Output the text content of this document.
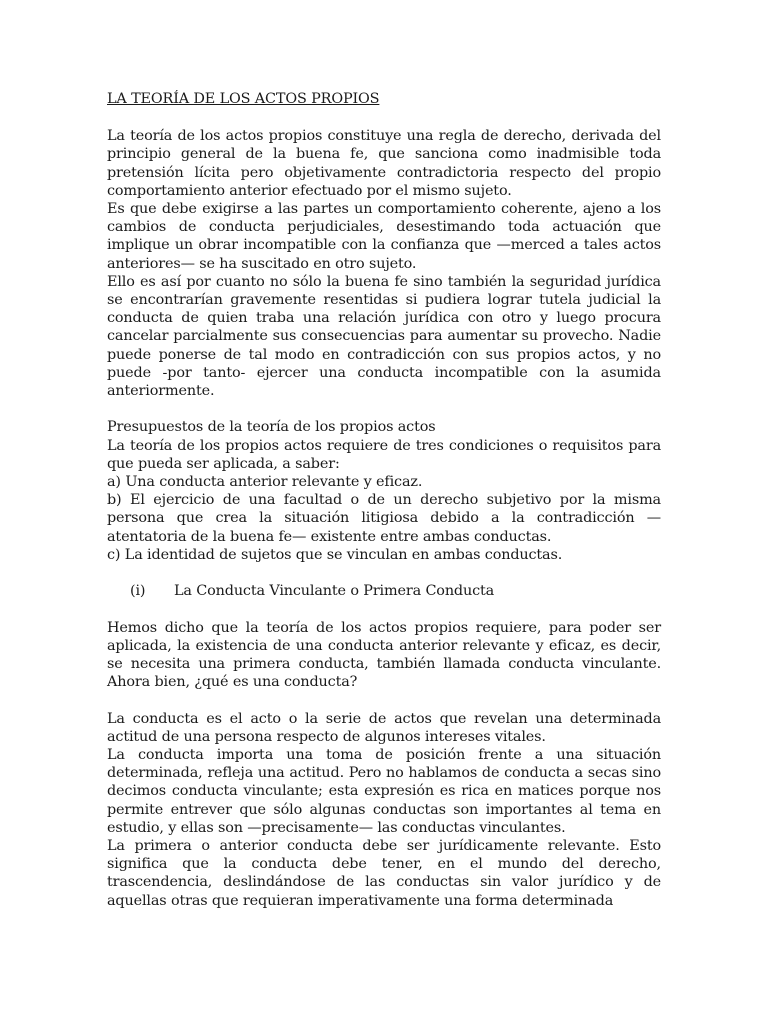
LA TEORÍA DE LOS ACTOS PROPIOS

La teoría de los actos propios constituye una regla de derecho, derivada del principio general de la buena fe, que sanciona como inadmisible toda pretensión lícita pero objetivamente contradictoria respecto del propio comportamiento anterior efectuado por el mismo sujeto.

Es que debe exigirse a las partes un comportamiento coherente, ajeno a los cambios de conducta perjudiciales, desestimando toda actuación que implique un obrar incompatible con la confianza que —merced a tales actos anteriores— se ha suscitado en otro sujeto.

Ello es así por cuanto no sólo la buena fe sino también la seguridad jurídica se encontrarían gravemente resentidas si pudiera lograr tutela judicial la conducta de quien traba una relación jurídica con otro y luego procura cancelar parcialmente sus consecuencias para aumentar su provecho. Nadie puede ponerse de tal modo en contradicción con sus propios actos, y no puede -por tanto- ejercer una conducta incompatible con la asumida anteriormente.

Presupuestos de la teoría de los propios actos

La teoría de los propios actos requiere de tres condiciones o requisitos para que pueda ser aplicada, a saber:

a) Una conducta anterior relevante y eficaz.

b) El ejercicio de una facultad o de un derecho subjetivo por la misma persona que crea la situación litigiosa debido a la contradicción —atentatoria de la buena fe— existente entre ambas conductas.

c) La identidad de sujetos que se vinculan en ambas conductas.

(i) La Conducta Vinculante o Primera Conducta

Hemos dicho que la teoría de los actos propios requiere, para poder ser aplicada, la existencia de una conducta anterior relevante y eficaz, es decir, se necesita una primera conducta, también llamada conducta vinculante. Ahora bien, ¿qué es una conducta?

La conducta es el acto o la serie de actos que revelan una determinada actitud de una persona respecto de algunos intereses vitales.

La conducta importa una toma de posición frente a una situación determinada, refleja una actitud. Pero no hablamos de conducta a secas sino decimos conducta vinculante; esta expresión es rica en matices porque nos permite entrever que sólo algunas conductas son importantes al tema en estudio, y ellas son —precisamente— las conductas vinculantes.

La primera o anterior conducta debe ser jurídicamente relevante. Esto significa que la conducta debe tener, en el mundo del derecho, trascendencia, deslindándose de las conductas sin valor jurídico y de aquellas otras que requieran imperativamente una forma determinada
